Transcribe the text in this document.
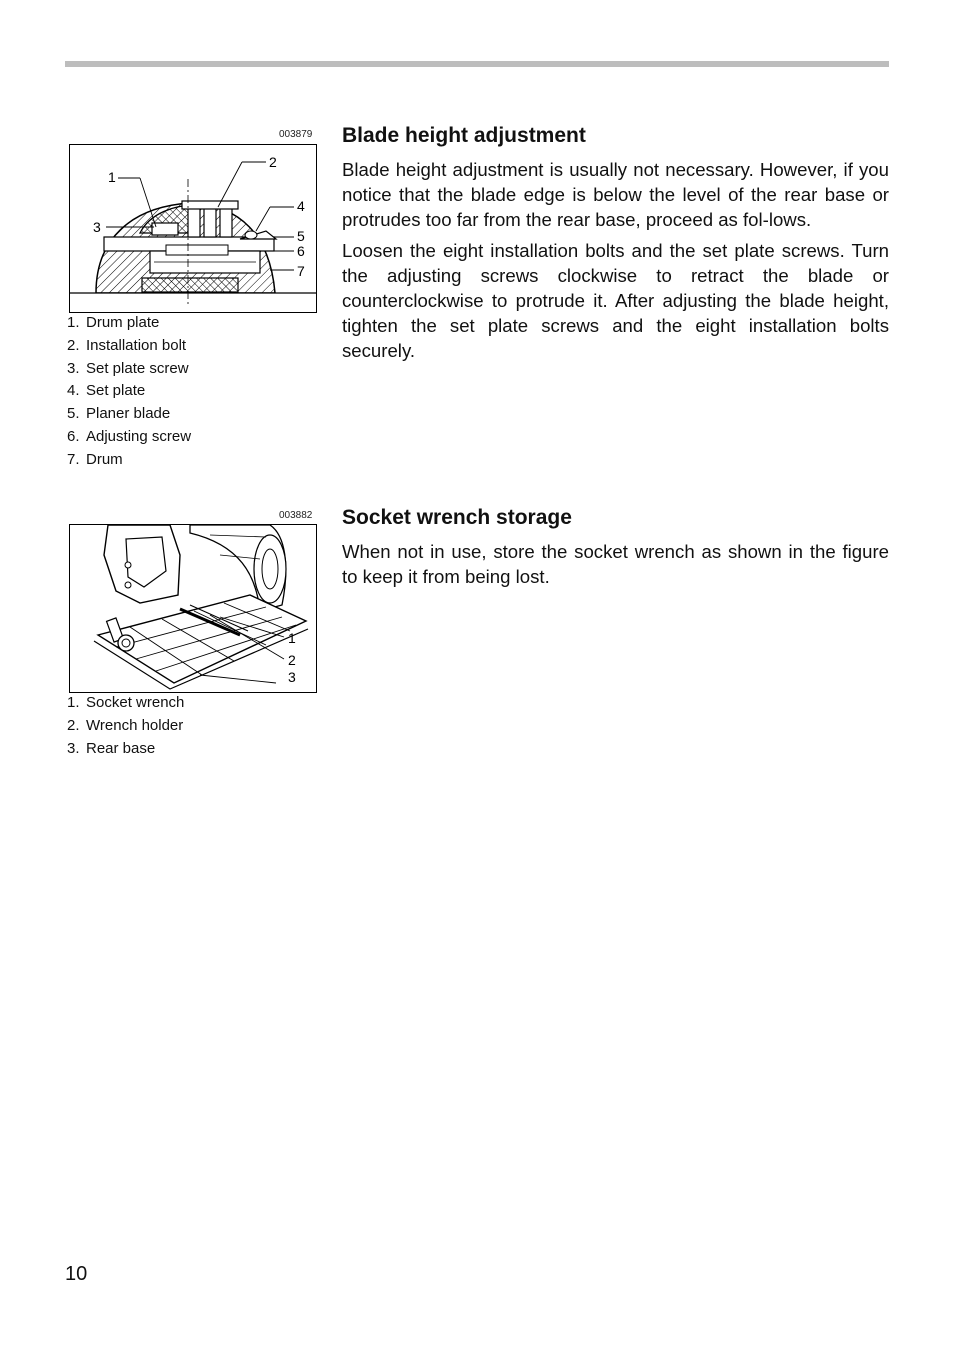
003879
1
2
3
4
5
6
7
1. Drum plate
2. Installation bolt
3. Set plate screw
4. Set plate
5. Planer blade
6. Adjusting screw
7. Drum
Blade height adjustment

Blade height adjustment is usually not necessary. However, if you notice that the blade edge is below the level of the rear base or protrudes too far from the rear base, proceed as fol-lows.

Loosen the eight installation bolts and the set plate screws. Turn the adjusting screws clockwise to retract the blade or counterclockwise to protrude it. After adjusting the blade height, tighten the set plate screws and the eight installation bolts securely.

003882
1
2
3
1. Socket wrench
2. Wrench holder
3. Rear base
Socket wrench storage

When not in use, store the socket wrench as shown in the figure to keep it from being lost.

10
